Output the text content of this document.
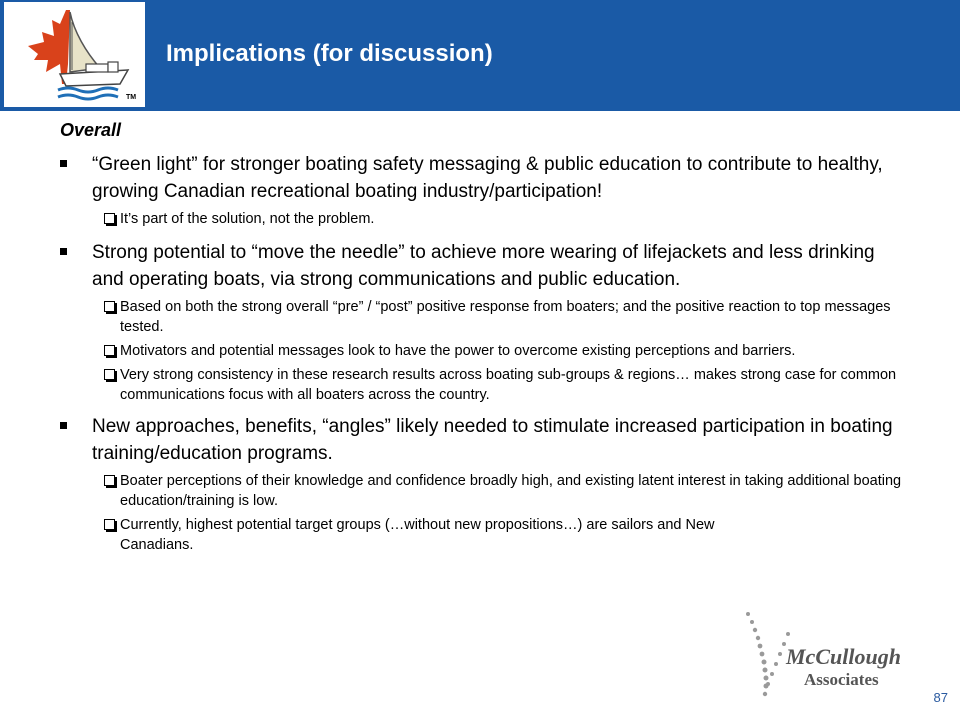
TM
Implications (for discussion)
Overall
“Green light” for stronger boating safety messaging & public education to contribute to healthy, growing Canadian recreational boating industry/participation!
It’s part of the solution, not the problem.
Strong potential to “move the needle” to achieve more wearing of lifejackets and less drinking and operating boats, via strong communications and public education.
Based on both the strong overall “pre” / “post” positive response from boaters; and the positive reaction to top messages tested.
Motivators and potential messages look to have the power to overcome existing perceptions and barriers.
Very strong consistency in these research results across boating sub-groups & regions… makes strong case for common communications focus with all boaters across the country.
New approaches, benefits, “angles” likely needed to stimulate increased participation in boating training/education programs.
Boater perceptions of their knowledge and confidence broadly high, and existing latent interest in taking additional boating education/training is low.
Currently, highest potential target groups (…without new propositions…) are sailors and New Canadians.
McCullough
Associates
87
